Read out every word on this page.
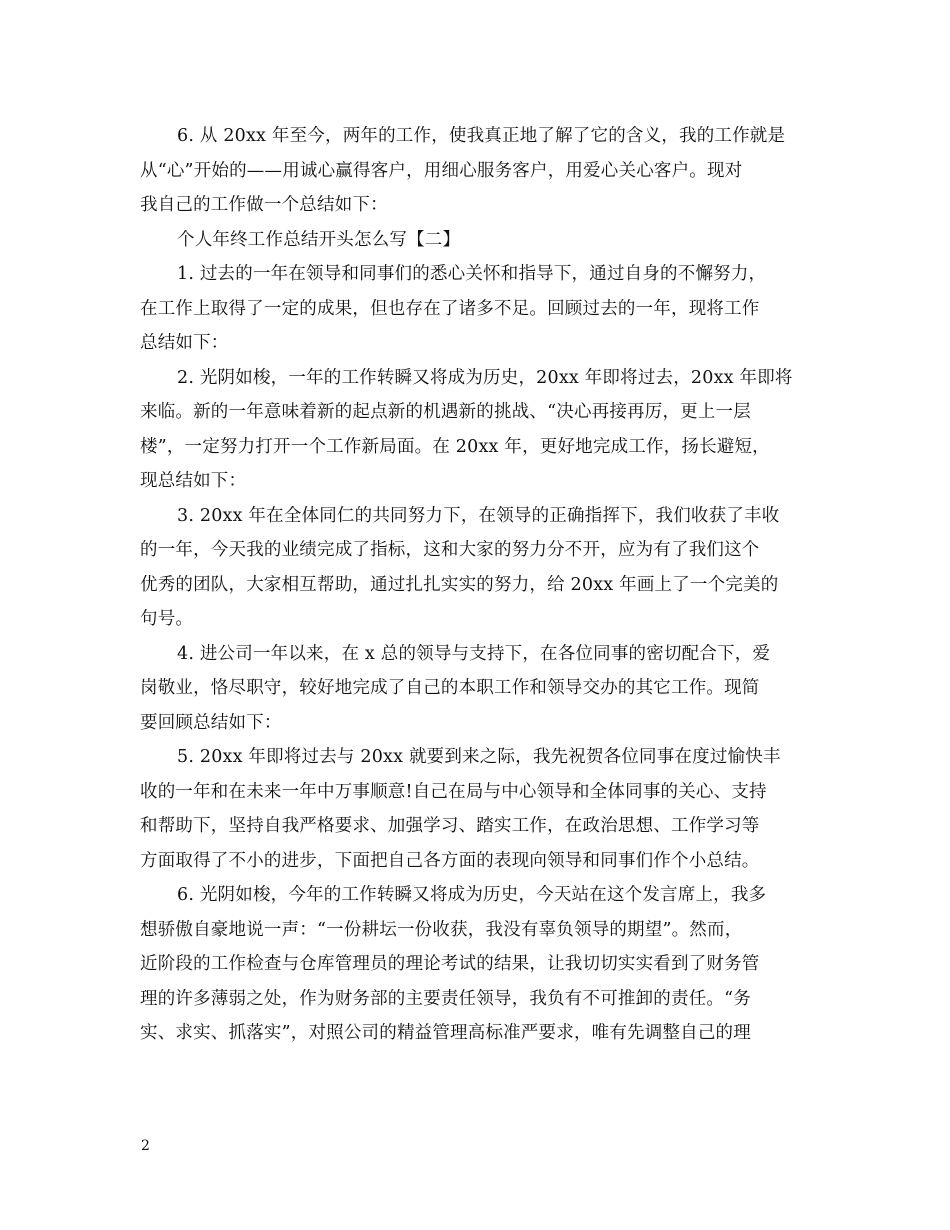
6. 从 20xx 年至今，两年的工作，使我真正地了解了它的含义，我的工作就是
从“心”开始的——用诚心赢得客户，用细心服务客户，用爱心关心客户。现对
我自己的工作做一个总结如下：
个人年终工作总结开头怎么写【二】
1. 过去的一年在领导和同事们的悉心关怀和指导下，通过自身的不懈努力，
在工作上取得了一定的成果，但也存在了诸多不足。回顾过去的一年，现将工作
总结如下：
2. 光阴如梭，一年的工作转瞬又将成为历史，20xx 年即将过去，20xx 年即将
来临。新的一年意味着新的起点新的机遇新的挑战、“决心再接再厉，更上一层
楼”，一定努力打开一个工作新局面。在 20xx 年，更好地完成工作，扬长避短，
现总结如下：
3. 20xx 年在全体同仁的共同努力下，在领导的正确指挥下，我们收获了丰收
的一年，今天我的业绩完成了指标，这和大家的努力分不开，应为有了我们这个
优秀的团队，大家相互帮助，通过扎扎实实的努力，给 20xx 年画上了一个完美的
句号。
4. 进公司一年以来，在 x 总的领导与支持下，在各位同事的密切配合下，爱
岗敬业，恪尽职守，较好地完成了自己的本职工作和领导交办的其它工作。现简
要回顾总结如下：
5. 20xx 年即将过去与 20xx 就要到来之际，我先祝贺各位同事在度过愉快丰
收的一年和在未来一年中万事顺意!自己在局与中心领导和全体同事的关心、支持
和帮助下，坚持自我严格要求、加强学习、踏实工作，在政治思想、工作学习等
方面取得了不小的进步，下面把自己各方面的表现向领导和同事们作个小总结。
6. 光阴如梭，今年的工作转瞬又将成为历史，今天站在这个发言席上，我多
想骄傲自豪地说一声：“一份耕坛一份收获，我没有辜负领导的期望”。然而，
近阶段的工作检查与仓库管理员的理论考试的结果，让我切切实实看到了财务管
理的许多薄弱之处，作为财务部的主要责任领导，我负有不可推卸的责任。“务
实、求实、抓落实”，对照公司的精益管理高标准严要求，唯有先调整自己的理
2
